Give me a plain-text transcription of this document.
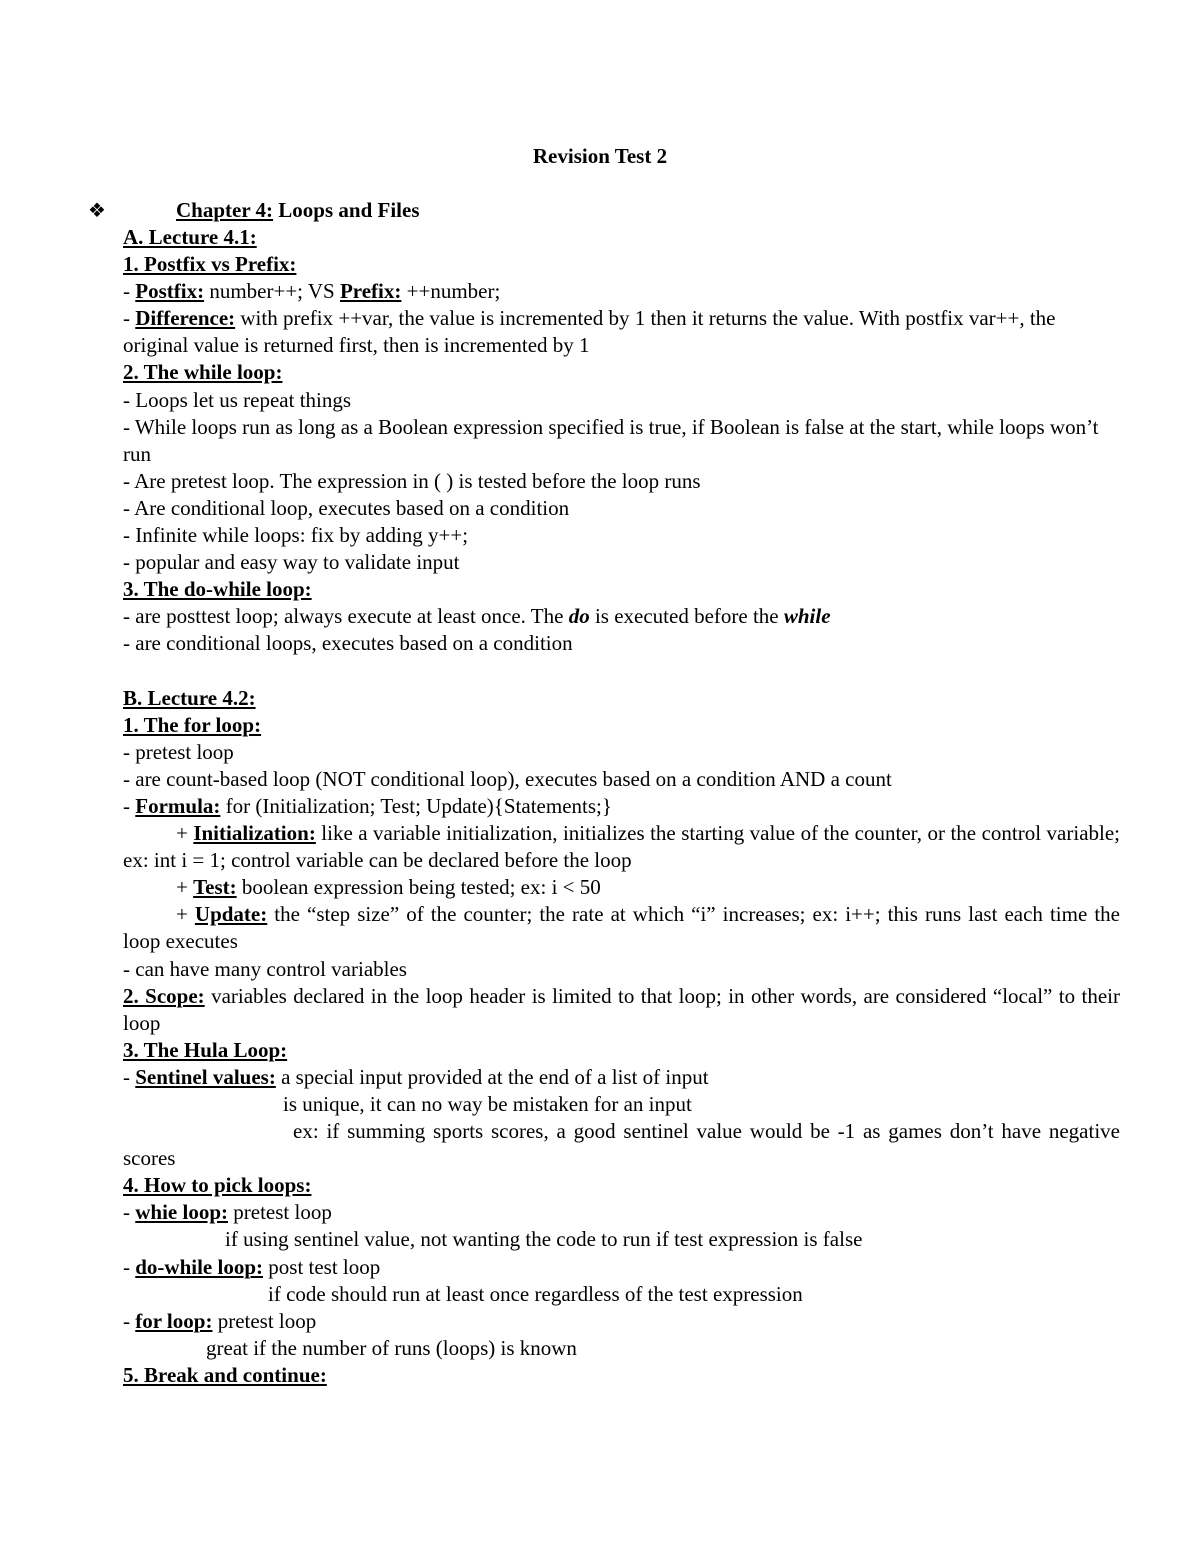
Revision Test 2
❖	Chapter 4: Loops and Files
A. Lecture 4.1:
1. Postfix vs Prefix:
- Postfix: number++; VS Prefix: ++number;
- Difference: with prefix ++var, the value is incremented by 1 then it returns the value. With postfix var++, the original value is returned first, then is incremented by 1
2. The while loop:
- Loops let us repeat things
- While loops run as long as a Boolean expression specified is true, if Boolean is false at the start, while loops won’t run
- Are pretest loop. The expression in ( ) is tested before the loop runs
- Are conditional loop, executes based on a condition
- Infinite while loops: fix by adding y++;
- popular and easy way to validate input
3. The do-while loop:
- are posttest loop; always execute at least once. The do is executed before the while
- are conditional loops, executes based on a condition
B. Lecture 4.2:
1. The for loop:
- pretest loop
- are count-based loop (NOT conditional loop), executes based on a condition AND a count
- Formula: for (Initialization; Test; Update){Statements;}
+ Initialization: like a variable initialization, initializes the starting value of the counter, or the control variable; ex: int i = 1; control variable can be declared before the loop
+ Test: boolean expression being tested; ex: i < 50
+ Update: the “step size” of the counter; the rate at which “i” increases; ex: i++; this runs last each time the loop executes
- can have many control variables
2. Scope: variables declared in the loop header is limited to that loop; in other words, are considered “local” to their loop
3. The Hula Loop:
- Sentinel values: a special input provided at the end of a list of input
is unique, it can no way be mistaken for an input
ex: if summing sports scores, a good sentinel value would be -1 as games don’t have negative scores
4. How to pick loops:
- whie loop: pretest loop
if using sentinel value, not wanting the code to run if test expression is false
- do-while loop: post test loop
if code should run at least once regardless of the test expression
- for loop: pretest loop
great if the number of runs (loops) is known
5. Break and continue:
